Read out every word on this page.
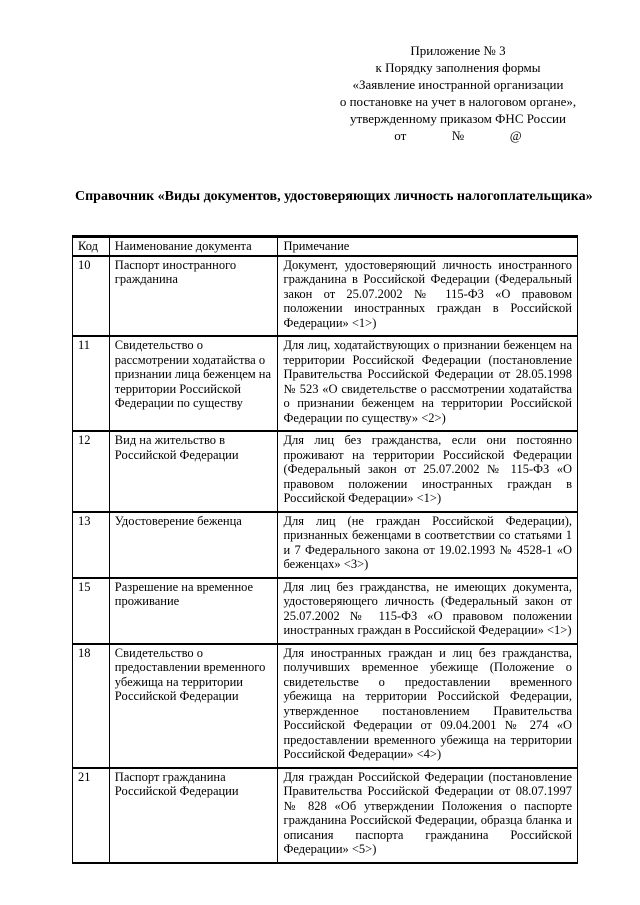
Приложение № 3
к Порядку заполнения формы
«Заявление иностранной организации
о постановке на учет в налоговом органе»,
утвержденному приказом ФНС России
от              №              @
Справочник «Виды документов, удостоверяющих личность налогоплательщика»
Код	Наименование документа	Примечание
10	Паспорт иностранного гражданина	Документ, удостоверяющий личность иностранного гражданина в Российской Федерации (Федеральный закон от 25.07.2002 № 115-ФЗ «О правовом положении иностранных граждан в Российской Федерации» <1>)
11	Свидетельство о рассмотрении ходатайства о признании лица беженцем на территории Российской Федерации по существу	Для лиц, ходатайствующих о признании беженцем на территории Российской Федерации (постановление Правительства Российской Федерации от 28.05.1998 № 523 «О свидетельстве о рассмотрении ходатайства о признании беженцем на территории Российской Федерации по существу» <2>)
12	Вид на жительство в Российской Федерации	Для лиц без гражданства, если они постоянно проживают на территории Российской Федерации (Федеральный закон от 25.07.2002 № 115-ФЗ «О правовом положении иностранных граждан в Российской Федерации» <1>)
13	Удостоверение беженца	Для лиц (не граждан Российской Федерации), признанных беженцами в соответствии со статьями 1 и 7 Федерального закона от 19.02.1993 № 4528-1 «О беженцах» <3>)
15	Разрешение на временное проживание	Для лиц без гражданства, не имеющих документа, удостоверяющего личность (Федеральный закон от 25.07.2002 № 115-ФЗ «О правовом положении иностранных граждан в Российской Федерации» <1>)
18	Свидетельство о предоставлении временного убежища на территории Российской Федерации	Для иностранных граждан и лиц без гражданства, получивших временное убежище (Положение о свидетельстве о предоставлении временного убежища на территории Российской Федерации, утвержденное постановлением Правительства Российской Федерации от 09.04.2001 № 274 «О предоставлении временного убежища на территории Российской Федерации» <4>)
21	Паспорт гражданина Российской Федерации	Для граждан Российской Федерации (постановление Правительства Российской Федерации от 08.07.1997 № 828 «Об утверждении Положения о паспорте гражданина Российской Федерации, образца бланка и описания паспорта гражданина Российской Федерации» <5>)
